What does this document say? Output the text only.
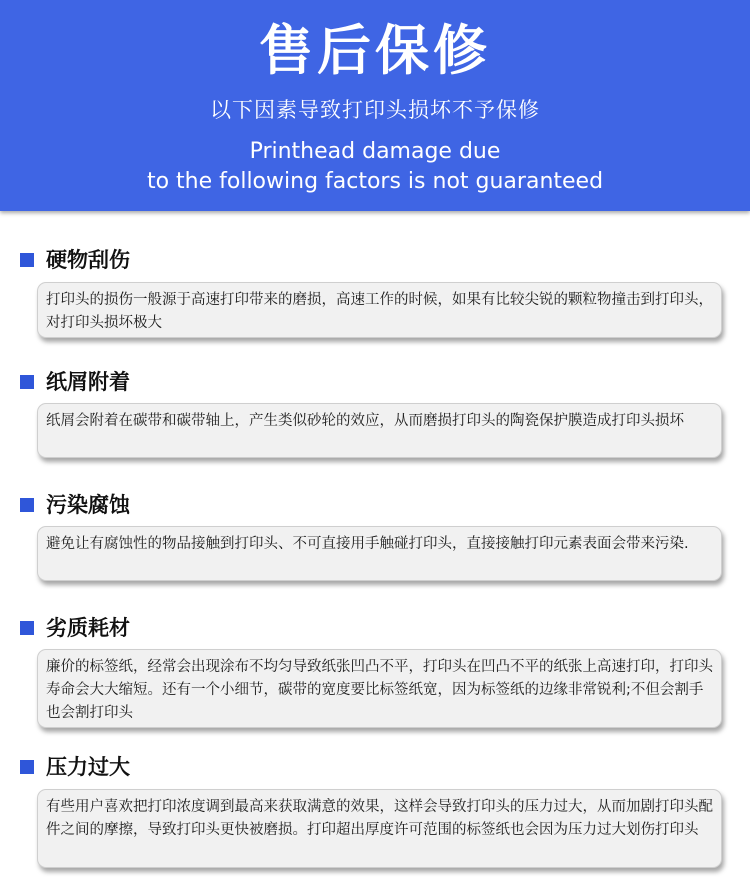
售后保修
以下因素导致打印头损坏不予保修
Printhead damage due
to the following factors is not guaranteed
硬物刮伤
打印头的损伤一般源于高速打印带来的磨损，高速工作的时候，如果有比较尖锐的颗粒物撞击到打印头，对打印头损坏极大
纸屑附着
纸屑会附着在碳带和碳带轴上，产生类似砂轮的效应，从而磨损打印头的陶瓷保护膜造成打印头损坏
污染腐蚀
避免让有腐蚀性的物品接触到打印头、不可直接用手触碰打印头，直接接触打印元素表面会带来污染.
劣质耗材
廉价的标签纸，经常会出现涂布不均匀导致纸张凹凸不平，打印头在凹凸不平的纸张上高速打印，打印头寿命会大大缩短。还有一个小细节，碳带的宽度要比标签纸宽，因为标签纸的边缘非常锐利;不但会割手也会割打印头
压力过大
有些用户喜欢把打印浓度调到最高来获取满意的效果，这样会导致打印头的压力过大，从而加剧打印头配件之间的摩擦，导致打印头更快被磨损。打印超出厚度许可范围的标签纸也会因为压力过大划伤打印头
